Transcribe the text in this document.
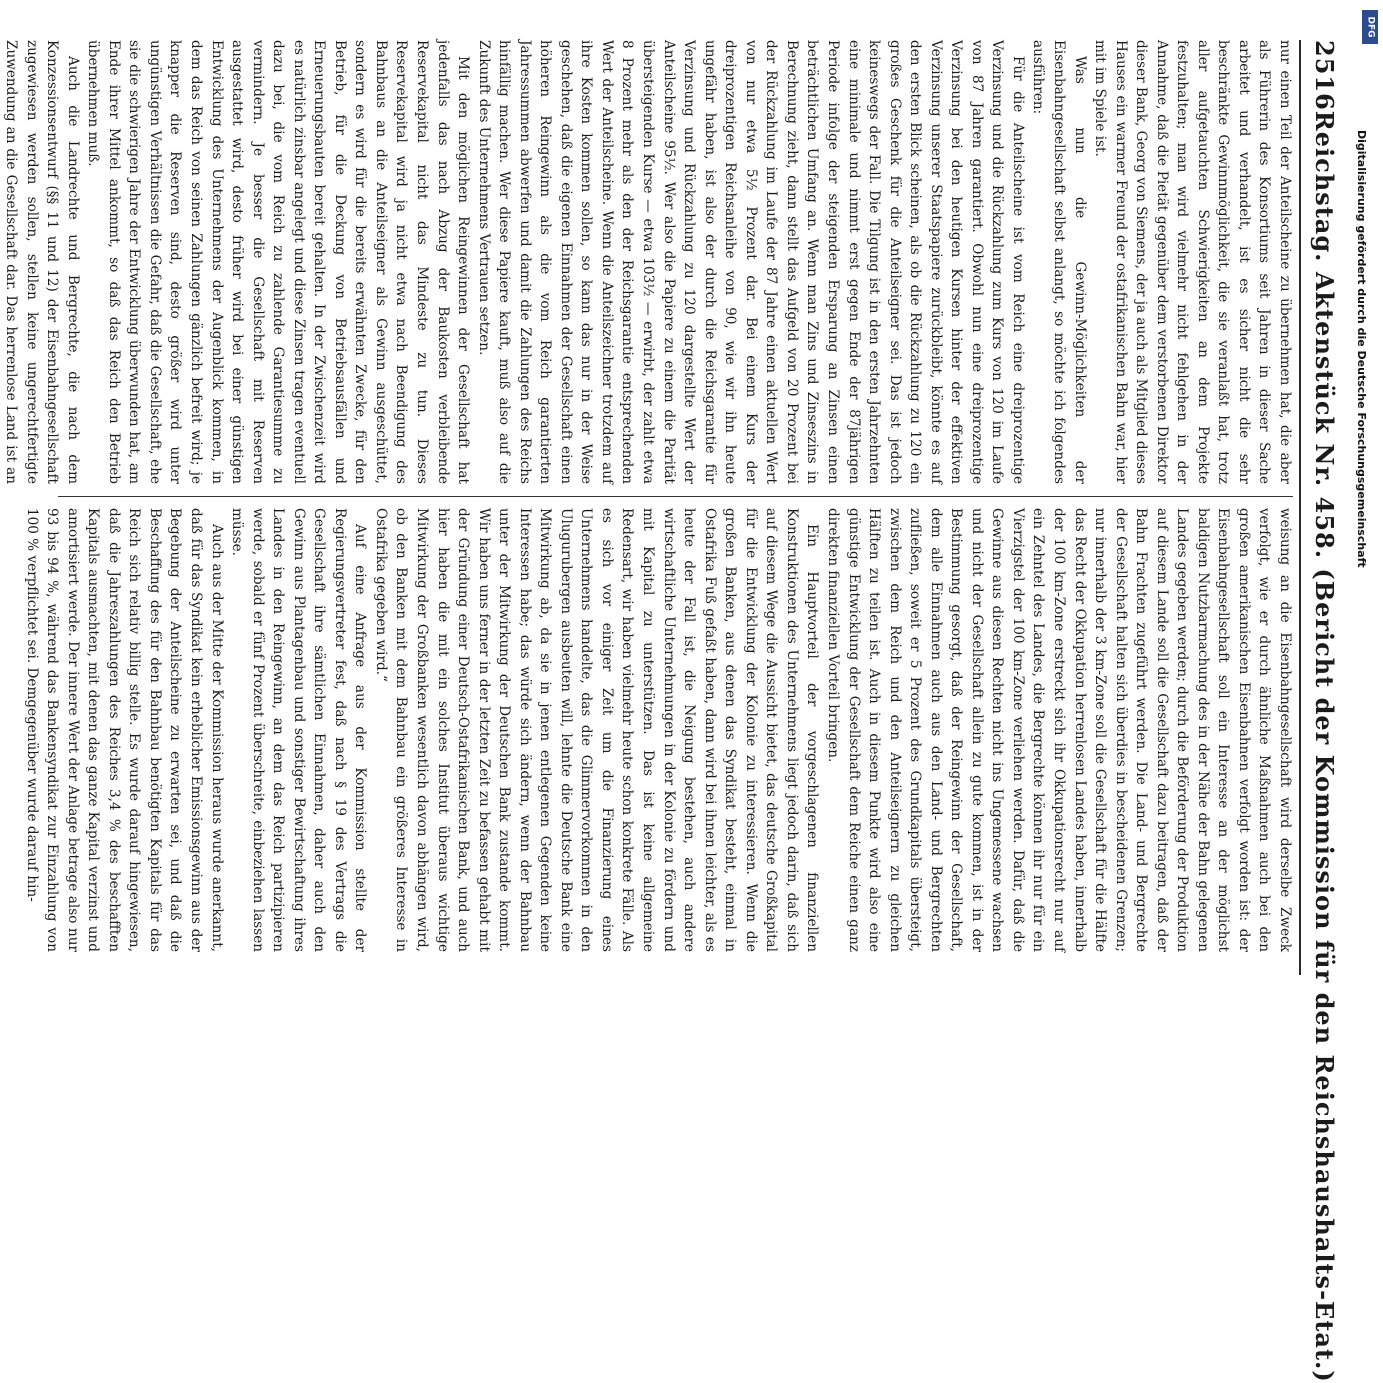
2516
Reichstag. Aktenstück Nr. 458. (Bericht der Kommission für den Reichshaushalts-Etat.)

nur einen Teil der Anteilscheine zu übernehmen hat, die aber als Führerin des Konsortiums seit Jahren in dieser Sache arbeitet und verhandelt, ist es sicher nicht die sehr beschränkte Gewinnmöglichkeit, die sie veranlaßt hat, trotz aller aufgetauchten Schwierigkeiten an dem Projekte festzuhalten; man wird vielmehr nicht fehlgehen in der Annahme, daß die Pietät gegenüber dem verstorbenen Direktor dieser Bank, Georg von Siemens, der ja auch als Mitglied dieses Hauses ein warmer Freund der ostafrikanischen Bahn war, hier mit im Spiele ist.

Was nun die Gewinn-Möglichkeiten der Eisenbahngesellschaft selbst anlangt, so möchte ich folgendes ausführen:

Für die Anteilscheine ist vom Reich eine dreiprozentige Verzinsung und die Rückzahlung zum Kurs von 120 im Laufe von 87 Jahren garantiert. Obwohl nun eine dreiprozentige Verzinsung bei den heutigen Kursen hinter der effektiven Verzinsung unserer Staatspapiere zurückbleibt, könnte es auf den ersten Blick scheinen, als ob die Rückzahlung zu 120 ein großes Geschenk für die Anteilseigner sei. Das ist jedoch keineswegs der Fall. Die Tilgung ist in den ersten Jahrzehnten eine minimale und nimmt erst gegen Ende der 87jährigen Periode infolge der steigenden Ersparung an Zinsen einen beträchtlichen Umfang an. Wenn man Zins und Zinseszins in Berechnung zieht, dann stellt das Aufgeld von 20 Prozent bei der Rückzahlung im Laufe der 87 Jahre einen aktuellen Wert von nur etwa 5½ Prozent dar. Bei einem Kurs der dreiprozentigen Reichsanleihe von 90, wie wir ihn heute ungefähr haben, ist also der durch die Reichsgarantie für Verzinsung und Rückzahlung zu 120 dargestellte Wert der Anteilscheine 95½. Wer also die Papiere zu einem die Parität übersteigenden Kurse — etwa 103½ — erwirbt, der zahlt etwa 8 Prozent mehr als den der Reichsgarantie entsprechenden Wert der Anteilscheine. Wenn die Anteilszeichner trotzdem auf ihre Kosten kommen sollen, so kann das nur in der Weise geschehen, daß die eigenen Einnahmen der Gesellschaft einen höheren Reingewinn als die vom Reich garantierten Jahressummen abwerfen und damit die Zahlungen des Reichs hinfällig machen. Wer diese Papiere kauft, muß also auf die Zukunft des Unternehmens Vertrauen setzen.

Mit den möglichen Reingewinnen der Gesellschaft hat jedenfalls das nach Abzug der Baukosten verbleibende Reservekapital nicht das Mindeste zu tun. Dieses Reservekapital wird ja nicht etwa nach Beendigung des Bahnbaus an die Anteilseigner als Gewinn ausgeschüttet, sondern es wird für die bereits erwähnten Zwecke, für den Betrieb, für die Deckung von Betriebsausfällen und Erneuerungsbauten bereit gehalten. In der Zwischenzeit wird es natürlich zinsbar angelegt und diese Zinsen tragen eventuell dazu bei, die vom Reich zu zahlende Garantiesumme zu vermindern. Je besser die Gesellschaft mit Reserven ausgestattet wird, desto früher wird bei einer günstigen Entwicklung des Unternehmens der Augenblick kommen, in dem das Reich von seinen Zahlungen gänzlich befreit wird; je knapper die Reserven sind, desto größer wird unter ungünstigen Verhältnissen die Gefahr, daß die Gesellschaft, ehe sie die schwierigen Jahre der Entwicklung überwunden hat, am Ende ihrer Mittel ankommt, so daß das Reich den Betrieb übernehmen muß.

Auch die Landrechte und Bergrechte, die nach dem Konzessionsentwurf (§§ 11 und 12) der Eisenbahngesellschaft zugewiesen werden sollen, stellen keine ungerechtfertigte Zuwendung an die Gesellschaft dar. Das herrenlose Land ist an

weisung an die Eisenbahngesellschaft wird derselbe Zweck verfolgt, wie er durch ähnliche Maßnahmen auch bei den großen amerikanischen Eisenbahnen verfolgt worden ist: der Eisenbahngesellschaft soll ein Interesse an der möglichst baldigen Nutzbarmachung des in der Nähe der Bahn gelegenen Landes gegeben werden; durch die Beförderung der Produktion auf diesem Lande soll die Gesellschaft dazu beitragen, daß der Bahn Frachten zugeführt werden. Die Land- und Bergrechte der Gesellschaft halten sich überdies in bescheidenen Grenzen; nur innerhalb der 3 km-Zone soll die Gesellschaft für die Hälfte das Recht der Okkupation herrenlosen Landes haben, innerhalb der 100 km-Zone erstreckt sich ihr Okkupationsrecht nur auf ein Zehntel des Landes, die Bergrechte können ihr nur für ein Vierzigstel der 100 km-Zone verliehen werden. Dafür, daß die Gewinne aus diesen Rechten nicht ins Ungemessene wachsen und nicht der Gesellschaft allein zu gute kommen, ist in der Bestimmung gesorgt, daß der Reingewinn der Gesellschaft, dem alle Einnahmen auch aus den Land- und Bergrechten zufließen, soweit er 5 Prozent des Grundkapitals übersteigt, zwischen dem Reich und den Anteilseignern zu gleichen Hälften zu teilen ist. Auch in diesem Punkte wird also eine günstige Entwicklung der Gesellschaft dem Reiche einen ganz direkten finanziellen Vorteil bringen.

Ein Hauptvorteil der vorgeschlagenen finanziellen Konstruktionen des Unternehmens liegt jedoch darin, daß sich auf diesem Wege die Aussicht bietet, das deutsche Großkapital für die Entwicklung der Kolonie zu interessieren. Wenn die großen Banken, aus denen das Syndikat besteht, einmal in Ostafrika Fuß gefaßt haben, dann wird bei ihnen leichter, als es heute der Fall ist, die Neigung bestehen, auch andere wirtschaftliche Unternehmungen in der Kolonie zu fördern und mit Kapital zu unterstützen. Das ist keine allgemeine Redensart, wir haben vielmehr heute schon konkrete Fälle. Als es sich vor einiger Zeit um die Finanzierung eines Unternehmens handelte, das die Glimmervorkommen in den Ulugurubergen ausbeuten will, lehnte die Deutsche Bank eine Mitwirkung ab, da sie in jenen entlegenen Gegenden keine Interessen habe; das würde sich ändern, wenn der Bahnbau unter der Mitwirkung der Deutschen Bank zustande kommt. Wir haben uns ferner in der letzten Zeit zu befassen gehabt mit der Gründung einer Deutsch-Ostafrikanischen Bank, und auch hier haben die mit ein solches Institut überaus wichtige Mitwirkung der Großbanken wesentlich davon abhängen wird, ob den Banken mit dem Bahnbau ein größeres Interesse in Ostafrika gegeben wird.“

Auf eine Anfrage aus der Kommission stellte der Regierungsvertreter fest, daß nach § 19 des Vertrags die Gesellschaft ihre sämtlichen Einnahmen, daher auch den Gewinn aus Plantagenbau und sonstiger Bewirtschaftung ihres Landes in den Reingewinn, an dem das Reich partizipieren werde, sobald er fünf Prozent überschreite, einbeziehen lassen müsse.

Auch aus der Mitte der Kommission heraus wurde anerkannt, daß für das Syndikat kein erheblicher Emissionsgewinn aus der Begebung der Anteilscheine zu erwarten sei, und daß die Beschaffung des für den Bahnbau benötigten Kapitals für das Reich sich relativ billig stelle. Es wurde darauf hingewiesen, daß die Jahreszahlungen des Reiches 3,4 % des beschafften Kapitals ausmachten, mit denen das ganze Kapital verzinst und amortisiert werde. Der innere Wert der Anlage betrage also nur 93 bis 94 %, während das Bankensyndikat zur Einzahlung von 100 % verpflichtet sei. Demgegenüber wurde darauf hin-

DFG
Digitalisierung gefördert durch die Deutsche Forschungsgemeinschaft
